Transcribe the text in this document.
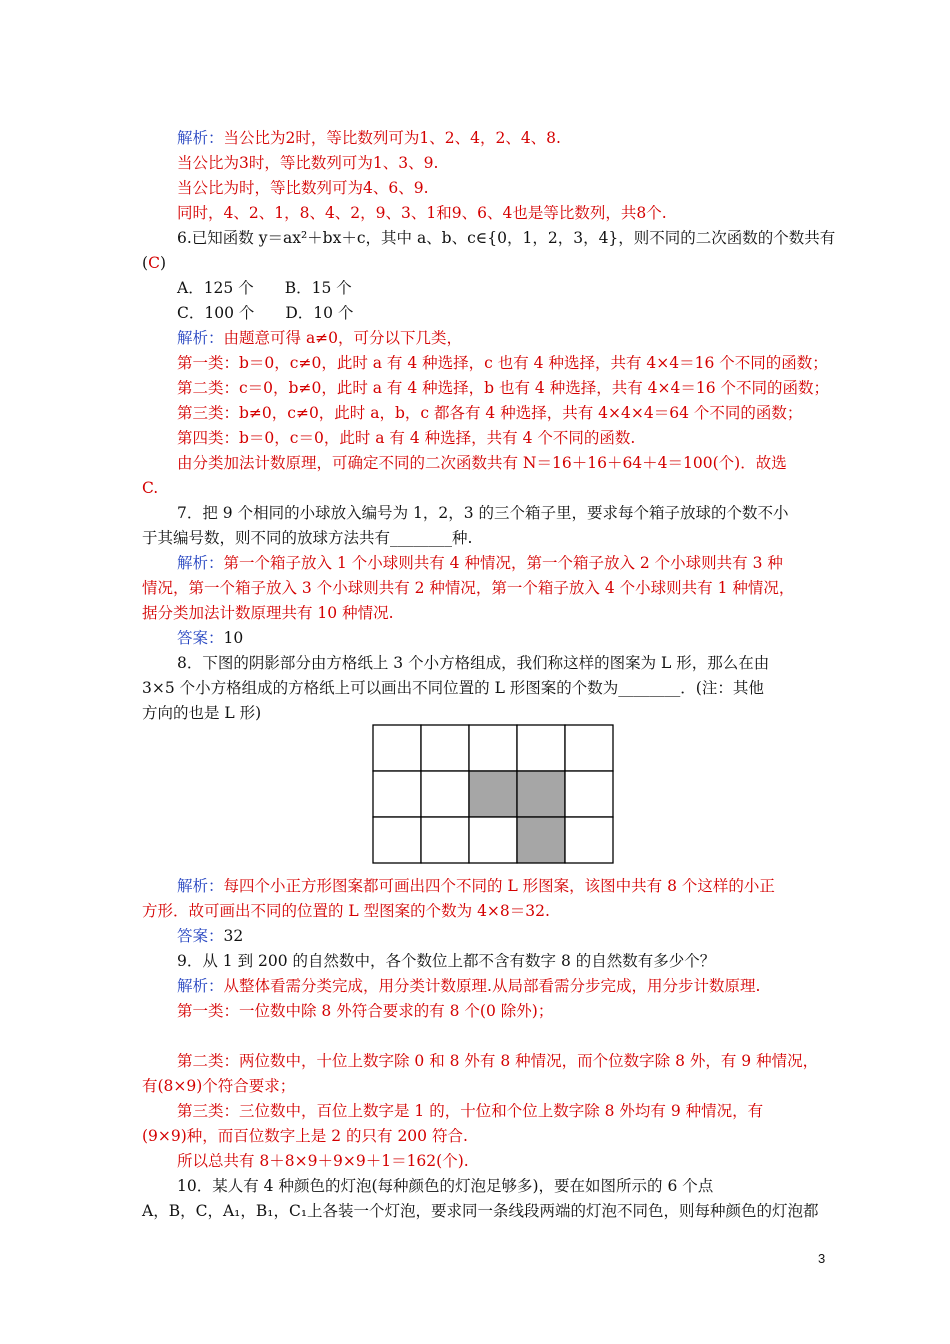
解析：当公比为2时，等比数列可为1、2、4，2、4、8.
当公比为3时，等比数列可为1、3、9.
当公比为时，等比数列可为4、6、9.
同时，4、2、1，8、4、2，9、3、1和9、6、4也是等比数列，共8个.
6.已知函数 y＝ax²＋bx＋c，其中 a、b、c∈{0，1，2，3，4}，则不同的二次函数的个数共有
(C)
A．125 个　　B．15 个
C．100 个　　D．10 个
解析：由题意可得 a≠0，可分以下几类，
第一类：b＝0，c≠0，此时 a 有 4 种选择，c 也有 4 种选择，共有 4×4＝16 个不同的函数；
第二类：c＝0，b≠0，此时 a 有 4 种选择，b 也有 4 种选择，共有 4×4＝16 个不同的函数；
第三类：b≠0，c≠0，此时 a，b，c 都各有 4 种选择，共有 4×4×4＝64 个不同的函数；
第四类：b＝0，c＝0，此时 a 有 4 种选择，共有 4 个不同的函数.
由分类加法计数原理，可确定不同的二次函数共有 N＝16＋16＋64＋4＝100(个)．故选
C.
7．把 9 个相同的小球放入编号为 1，2，3 的三个箱子里，要求每个箱子放球的个数不小
于其编号数，则不同的放球方法共有________种.
解析：第一个箱子放入 1 个小球则共有 4 种情况，第一个箱子放入 2 个小球则共有 3 种
情况，第一个箱子放入 3 个小球则共有 2 种情况，第一个箱子放入 4 个小球则共有 1 种情况，
据分类加法计数原理共有 10 种情况.
答案：10
8．下图的阴影部分由方格纸上 3 个小方格组成，我们称这样的图案为 L 形，那么在由
3×5 个小方格组成的方格纸上可以画出不同位置的 L 形图案的个数为________．(注：其他
方向的也是 L 形)
解析：每四个小正方形图案都可画出四个不同的 L 形图案，该图中共有 8 个这样的小正
方形．故可画出不同的位置的 L 型图案的个数为 4×8＝32.
答案：32
9．从 1 到 200 的自然数中，各个数位上都不含有数字 8 的自然数有多少个？
解析：从整体看需分类完成，用分类计数原理.从局部看需分步完成，用分步计数原理.
第一类：一位数中除 8 外符合要求的有 8 个(0 除外)；
第二类：两位数中，十位上数字除 0 和 8 外有 8 种情况，而个位数字除 8 外，有 9 种情况，
有(8×9)个符合要求；
第三类：三位数中，百位上数字是 1 的，十位和个位上数字除 8 外均有 9 种情况，有
(9×9)种，而百位数字上是 2 的只有 200 符合.
所以总共有 8＋8×9＋9×9＋1＝162(个).
10．某人有 4 种颜色的灯泡(每种颜色的灯泡足够多)，要在如图所示的 6 个点
A，B，C，A₁，B₁，C₁上各装一个灯泡，要求同一条线段两端的灯泡不同色，则每种颜色的灯泡都
3
